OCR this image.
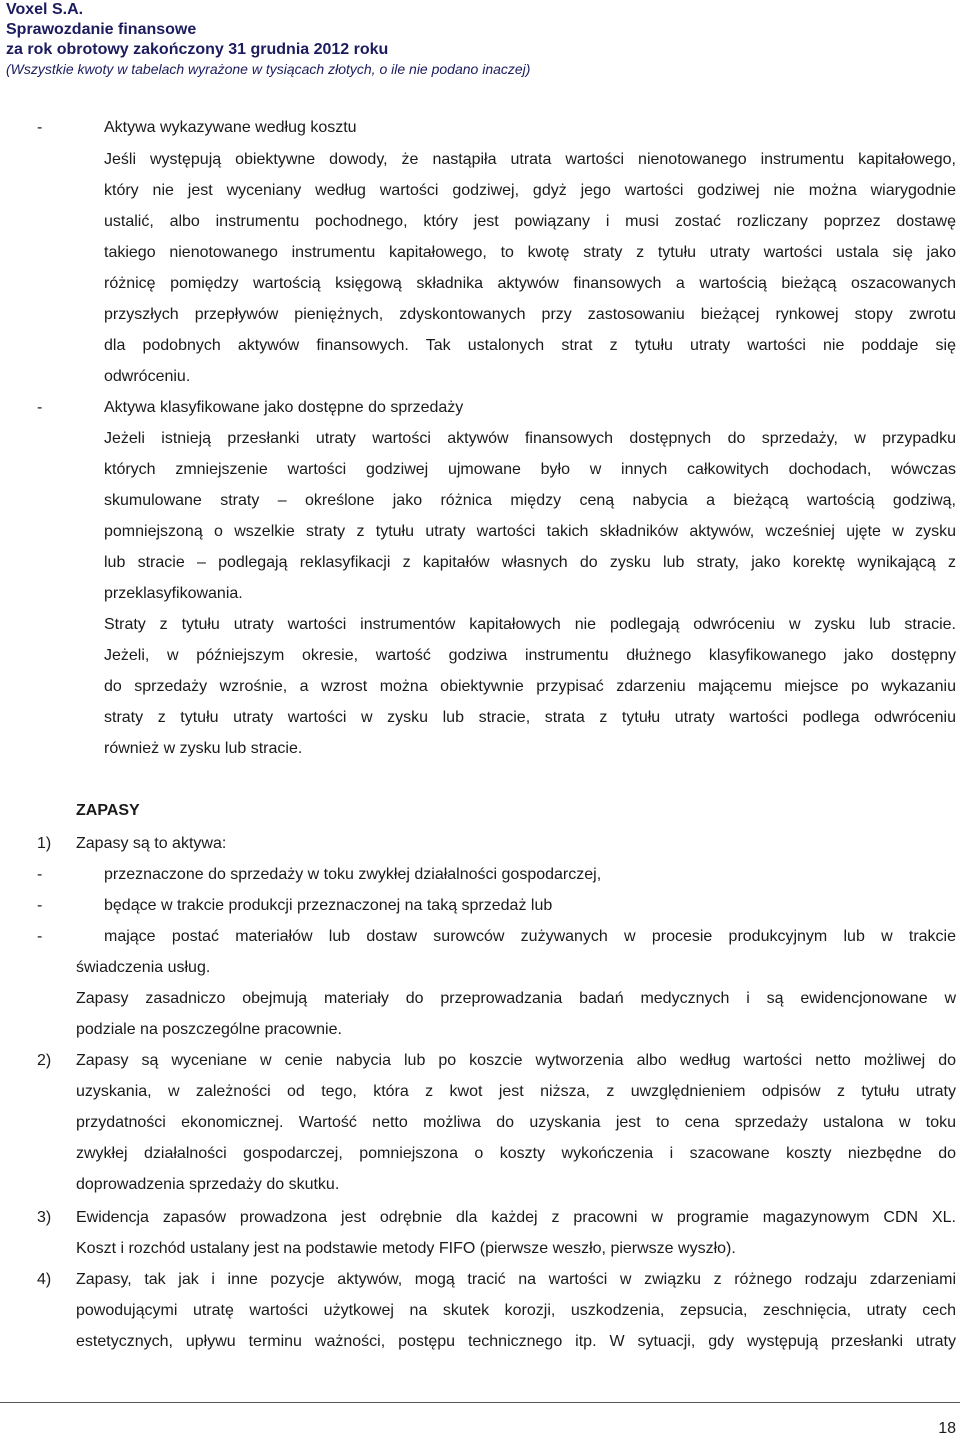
Voxel S.A.
Sprawozdanie finansowe
za rok obrotowy zakończony 31 grudnia 2012 roku
(Wszystkie kwoty w tabelach wyrażone w tysiącach złotych, o ile nie podano inaczej)
-	Aktywa wykazywane według kosztu
Jeśli występują obiektywne dowody, że nastąpiła utrata wartości nienotowanego instrumentu kapitałowego,
który nie jest wyceniany według wartości godziwej, gdyż jego wartości godziwej nie można wiarygodnie
ustalić, albo instrumentu pochodnego, który jest powiązany i musi zostać rozliczany poprzez dostawę
takiego nienotowanego instrumentu kapitałowego, to kwotę straty z tytułu utraty wartości ustala się jako
różnicę pomiędzy wartością księgową składnika aktywów finansowych a wartością bieżącą oszacowanych
przyszłych przepływów pieniężnych, zdyskontowanych przy zastosowaniu bieżącej rynkowej stopy zwrotu
dla podobnych aktywów finansowych. Tak ustalonych strat z tytułu utraty wartości nie poddaje się
odwróceniu.
-	Aktywa klasyfikowane jako dostępne do sprzedaży
Jeżeli istnieją przesłanki utraty wartości aktywów finansowych dostępnych do sprzedaży, w przypadku
których zmniejszenie wartości godziwej ujmowane było w innych całkowitych dochodach, wówczas
skumulowane straty – określone jako różnica między ceną nabycia a bieżącą wartością godziwą,
pomniejszoną o wszelkie straty z tytułu utraty wartości takich składników aktywów, wcześniej ujęte w zysku
lub stracie – podlegają reklasyfikacji z kapitałów własnych do zysku lub straty, jako korektę wynikającą z
przeklasyfikowania.
Straty z tytułu utraty wartości instrumentów kapitałowych nie podlegają odwróceniu w zysku lub stracie.
Jeżeli, w późniejszym okresie, wartość godziwa instrumentu dłużnego klasyfikowanego jako dostępny
do sprzedaży wzrośnie, a wzrost można obiektywnie przypisać zdarzeniu mającemu miejsce po wykazaniu
straty z tytułu utraty wartości w zysku lub stracie, strata z tytułu utraty wartości podlega odwróceniu
również w zysku lub stracie.
ZAPASY
1) Zapasy są to aktywa:
-	przeznaczone do sprzedaży w toku zwykłej działalności gospodarczej,
-	będące w trakcie produkcji przeznaczonej na taką sprzedaż lub
-	mające postać materiałów lub dostaw surowców zużywanych w procesie produkcyjnym lub w trakcie
świadczenia usług.
Zapasy zasadniczo obejmują materiały do przeprowadzania badań medycznych i są ewidencjonowane w
podziale na poszczególne pracownie.
2) Zapasy są wyceniane w cenie nabycia lub po koszcie wytworzenia albo według wartości netto możliwej do
uzyskania, w zależności od tego, która z kwot jest niższa, z uwzględnieniem odpisów z tytułu utraty
przydatności ekonomicznej. Wartość netto możliwa do uzyskania jest to cena sprzedaży ustalona w toku
zwykłej działalności gospodarczej, pomniejszona o koszty wykończenia i szacowane koszty niezbędne do
doprowadzenia sprzedaży do skutku.
3) Ewidencja zapasów prowadzona jest odrębnie dla każdej z pracowni w programie magazynowym CDN XL.
Koszt i rozchód ustalany jest na podstawie metody FIFO (pierwsze weszło, pierwsze wyszło).
4) Zapasy, tak jak i inne pozycje aktywów, mogą tracić na wartości w związku z różnego rodzaju zdarzeniami
powodującymi utratę wartości użytkowej na skutek korozji, uszkodzenia, zepsucia, zeschnięcia, utraty cech
estetycznych, upływu terminu ważności, postępu technicznego itp. W sytuacji, gdy występują przesłanki utraty
18
